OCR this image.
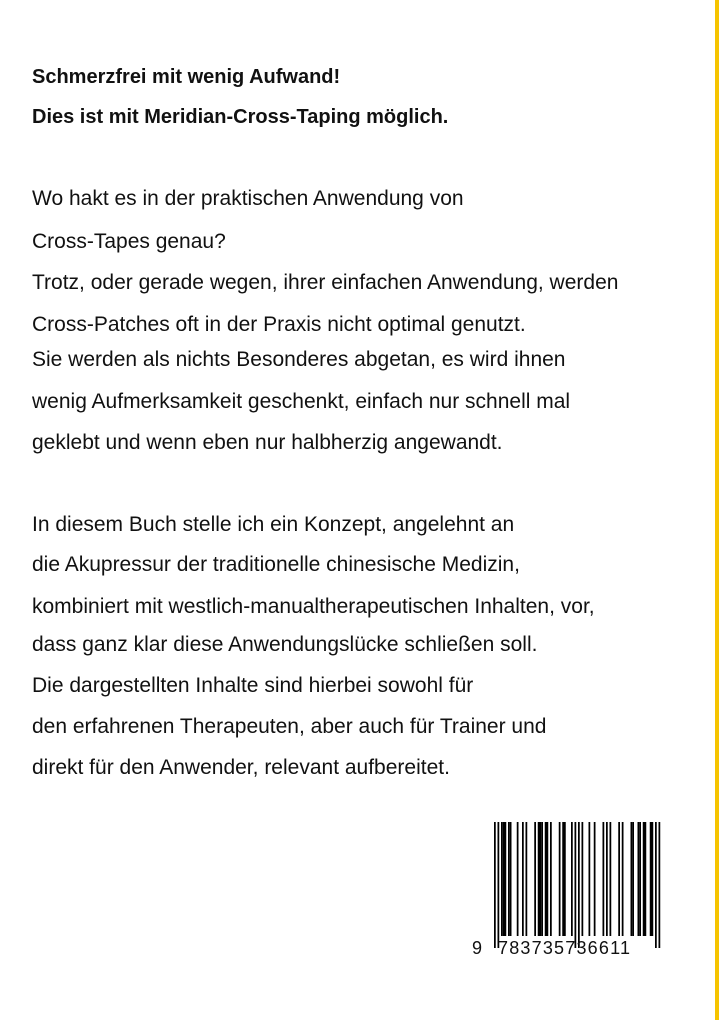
Schmerzfrei mit wenig Aufwand!
Dies ist mit Meridian-Cross-Taping möglich.
Wo hakt es in der praktischen Anwendung von
Cross-Tapes genau?
Trotz, oder gerade wegen, ihrer einfachen Anwendung, werden
Cross-Patches oft in der Praxis nicht optimal genutzt.
Sie werden als nichts Besonderes abgetan, es wird ihnen
wenig Aufmerksamkeit geschenkt, einfach nur schnell mal
geklebt und wenn eben nur halbherzig angewandt.
In diesem Buch stelle ich ein Konzept, angelehnt an
die Akupressur der traditionelle chinesische Medizin,
kombiniert mit westlich-manualtherapeutischen Inhalten, vor,
dass ganz klar diese Anwendungslücke schließen soll.
Die dargestellten Inhalte sind hierbei sowohl für
den erfahrenen Therapeuten, aber auch für Trainer und
direkt für den Anwender, relevant aufbereitet.
9 783735736611
